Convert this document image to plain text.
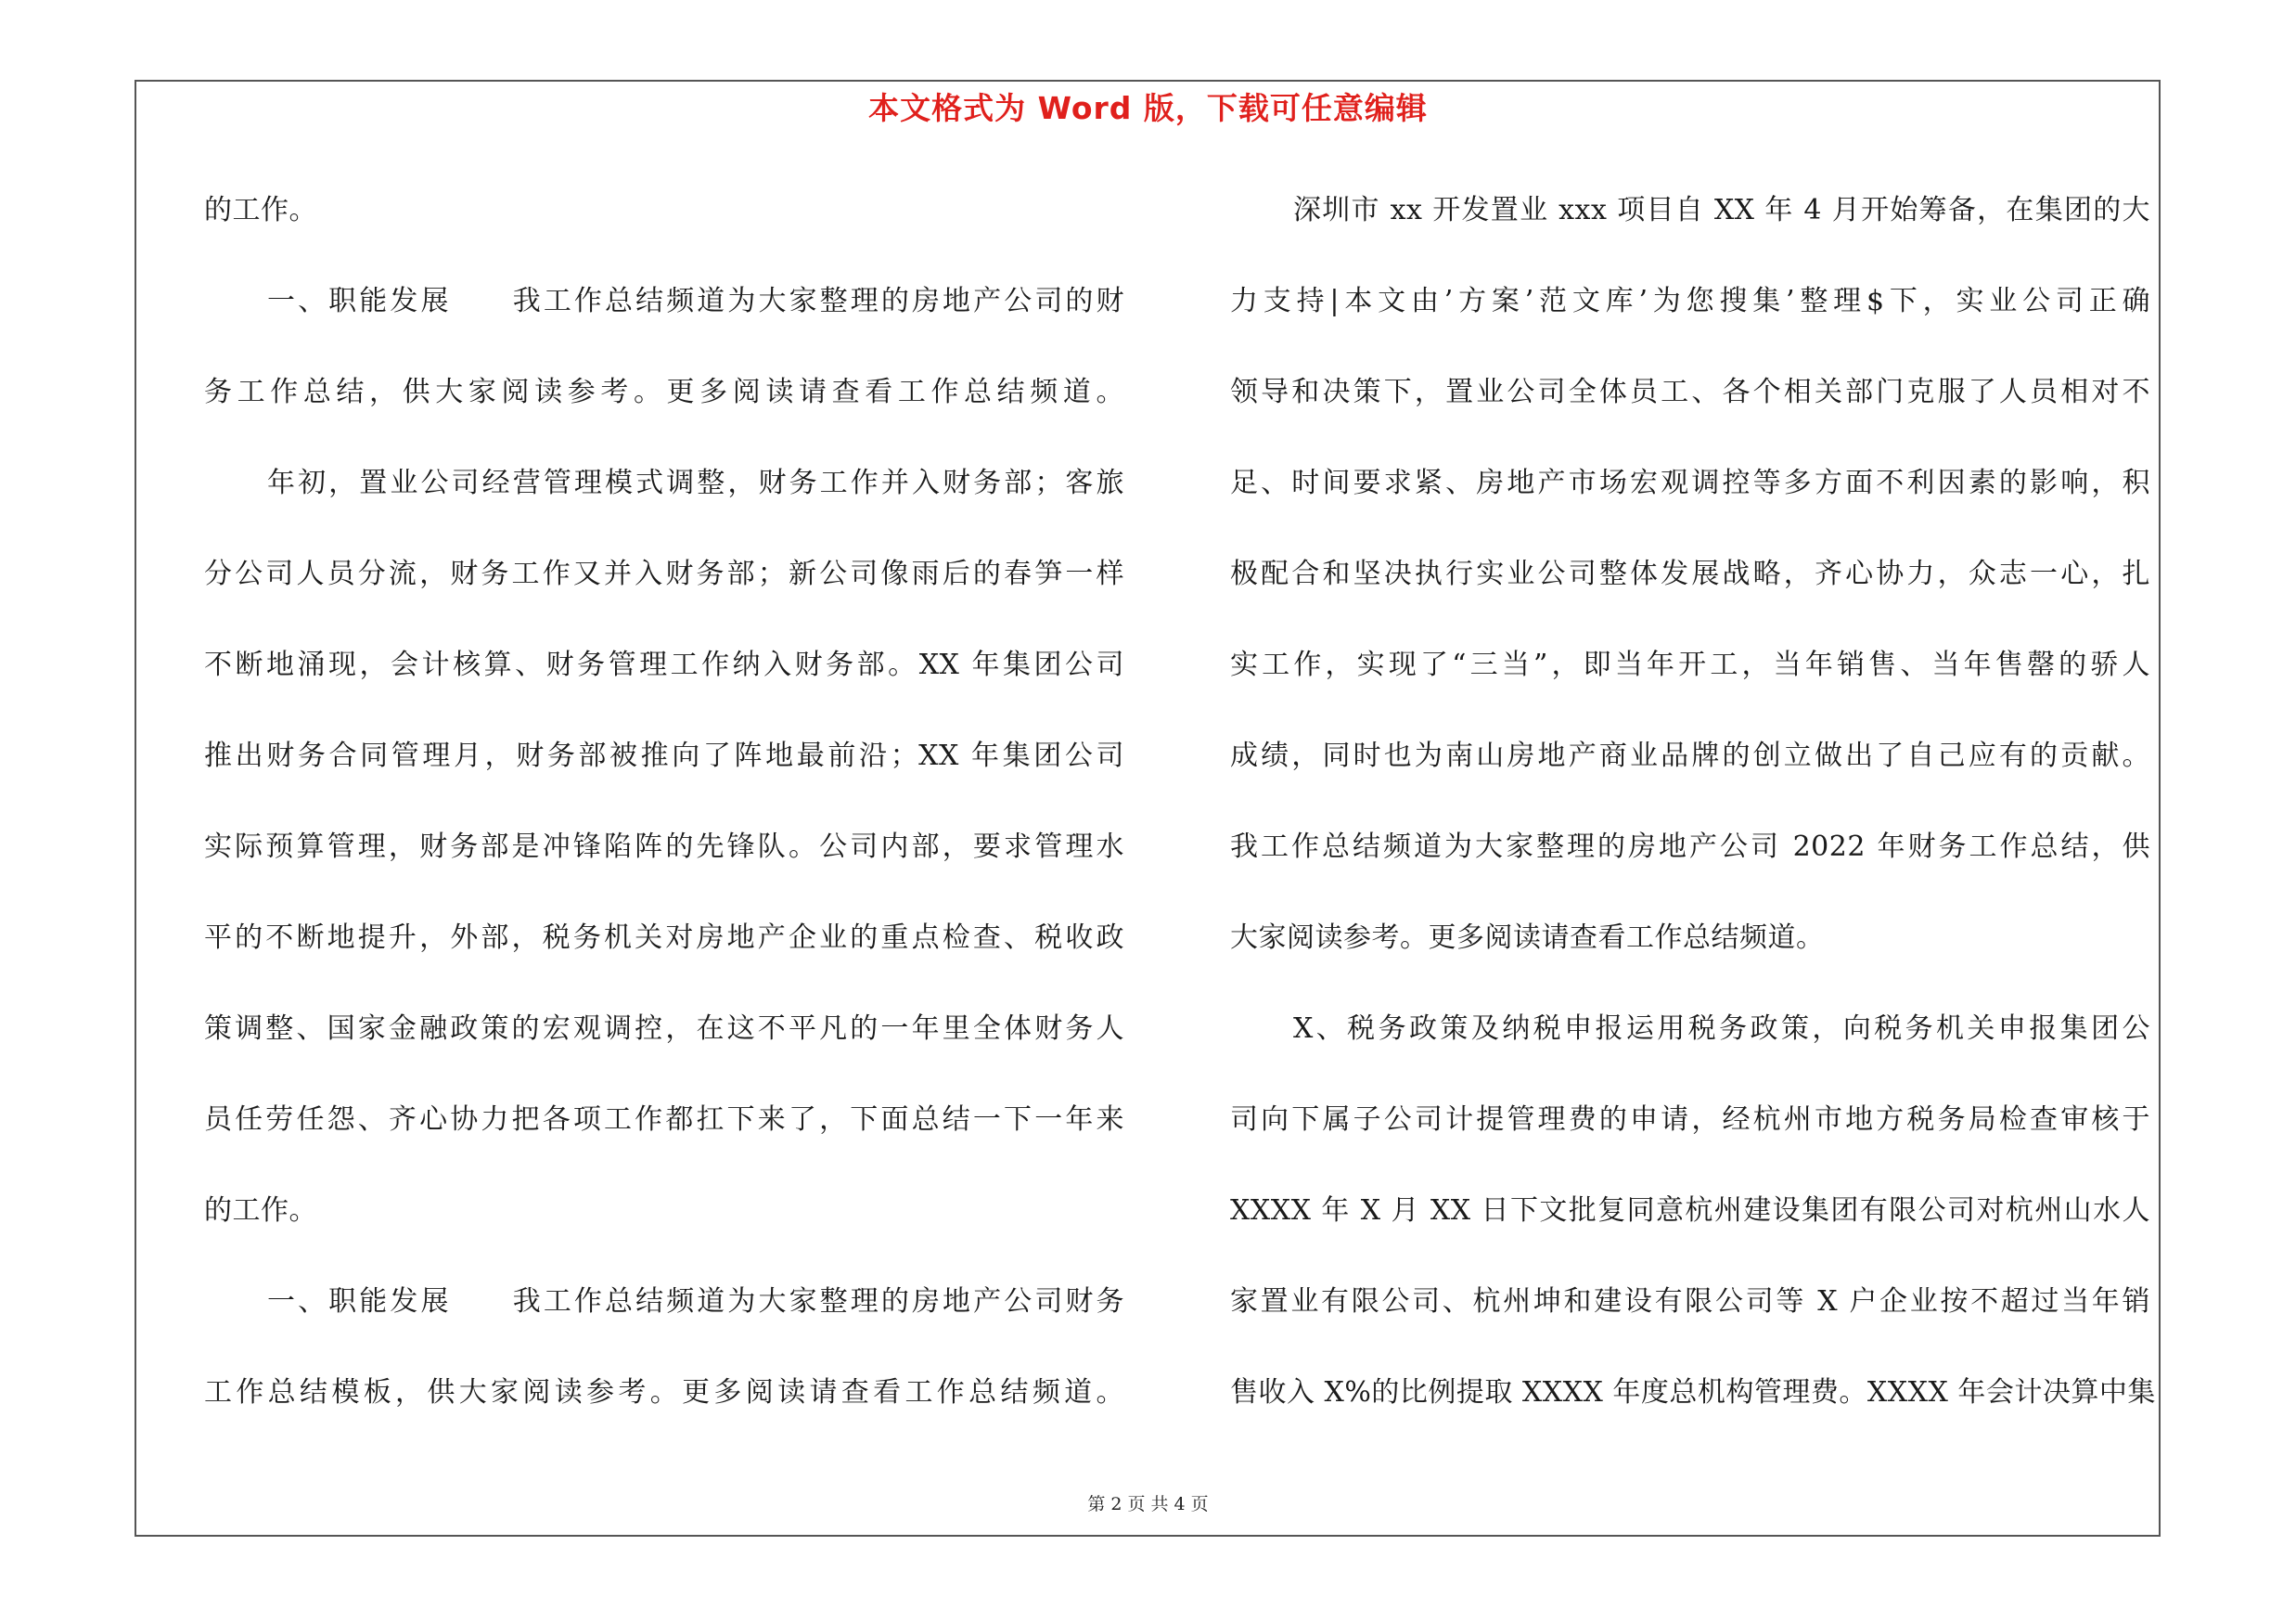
本文格式为 Word 版，下载可任意编辑
的工作。
一、职能发展　　我工作总结频道为大家整理的房地产公司的财
务工作总结，供大家阅读参考。更多阅读请查看工作总结频道。
年初，置业公司经营管理模式调整，财务工作并入财务部；客旅
分公司人员分流，财务工作又并入财务部；新公司像雨后的春笋一样
不断地涌现，会计核算、财务管理工作纳入财务部。XX 年集团公司
推出财务合同管理月，财务部被推向了阵地最前沿；XX 年集团公司
实际预算管理，财务部是冲锋陷阵的先锋队。公司内部，要求管理水
平的不断地提升，外部，税务机关对房地产企业的重点检查、税收政
策调整、国家金融政策的宏观调控，在这不平凡的一年里全体财务人
员任劳任怨、齐心协力把各项工作都扛下来了，下面总结一下一年来
的工作。
一、职能发展　　我工作总结频道为大家整理的房地产公司财务
工作总结模板，供大家阅读参考。更多阅读请查看工作总结频道。
深圳市 xx 开发置业 xxx 项目自 XX 年 4 月开始筹备，在集团的大
力支持|本文由’方案’范文库’为您搜集’整理$下，实业公司正确
领导和决策下，置业公司全体员工、各个相关部门克服了人员相对不
足、时间要求紧、房地产市场宏观调控等多方面不利因素的影响，积
极配合和坚决执行实业公司整体发展战略，齐心协力，众志一心，扎
实工作，实现了“三当”，即当年开工，当年销售、当年售罄的骄人
成绩，同时也为南山房地产商业品牌的创立做出了自己应有的贡献。
我工作总结频道为大家整理的房地产公司 2022 年财务工作总结，供
大家阅读参考。更多阅读请查看工作总结频道。
X、税务政策及纳税申报运用税务政策，向税务机关申报集团公
司向下属子公司计提管理费的申请，经杭州市地方税务局检查审核于
XXXX 年 X 月 XX 日下文批复同意杭州建设集团有限公司对杭州山水人
家置业有限公司、杭州坤和建设有限公司等 X 户企业按不超过当年销
售收入 X%的比例提取 XXXX 年度总机构管理费。XXXX 年会计决算中集
第 2 页 共 4 页
